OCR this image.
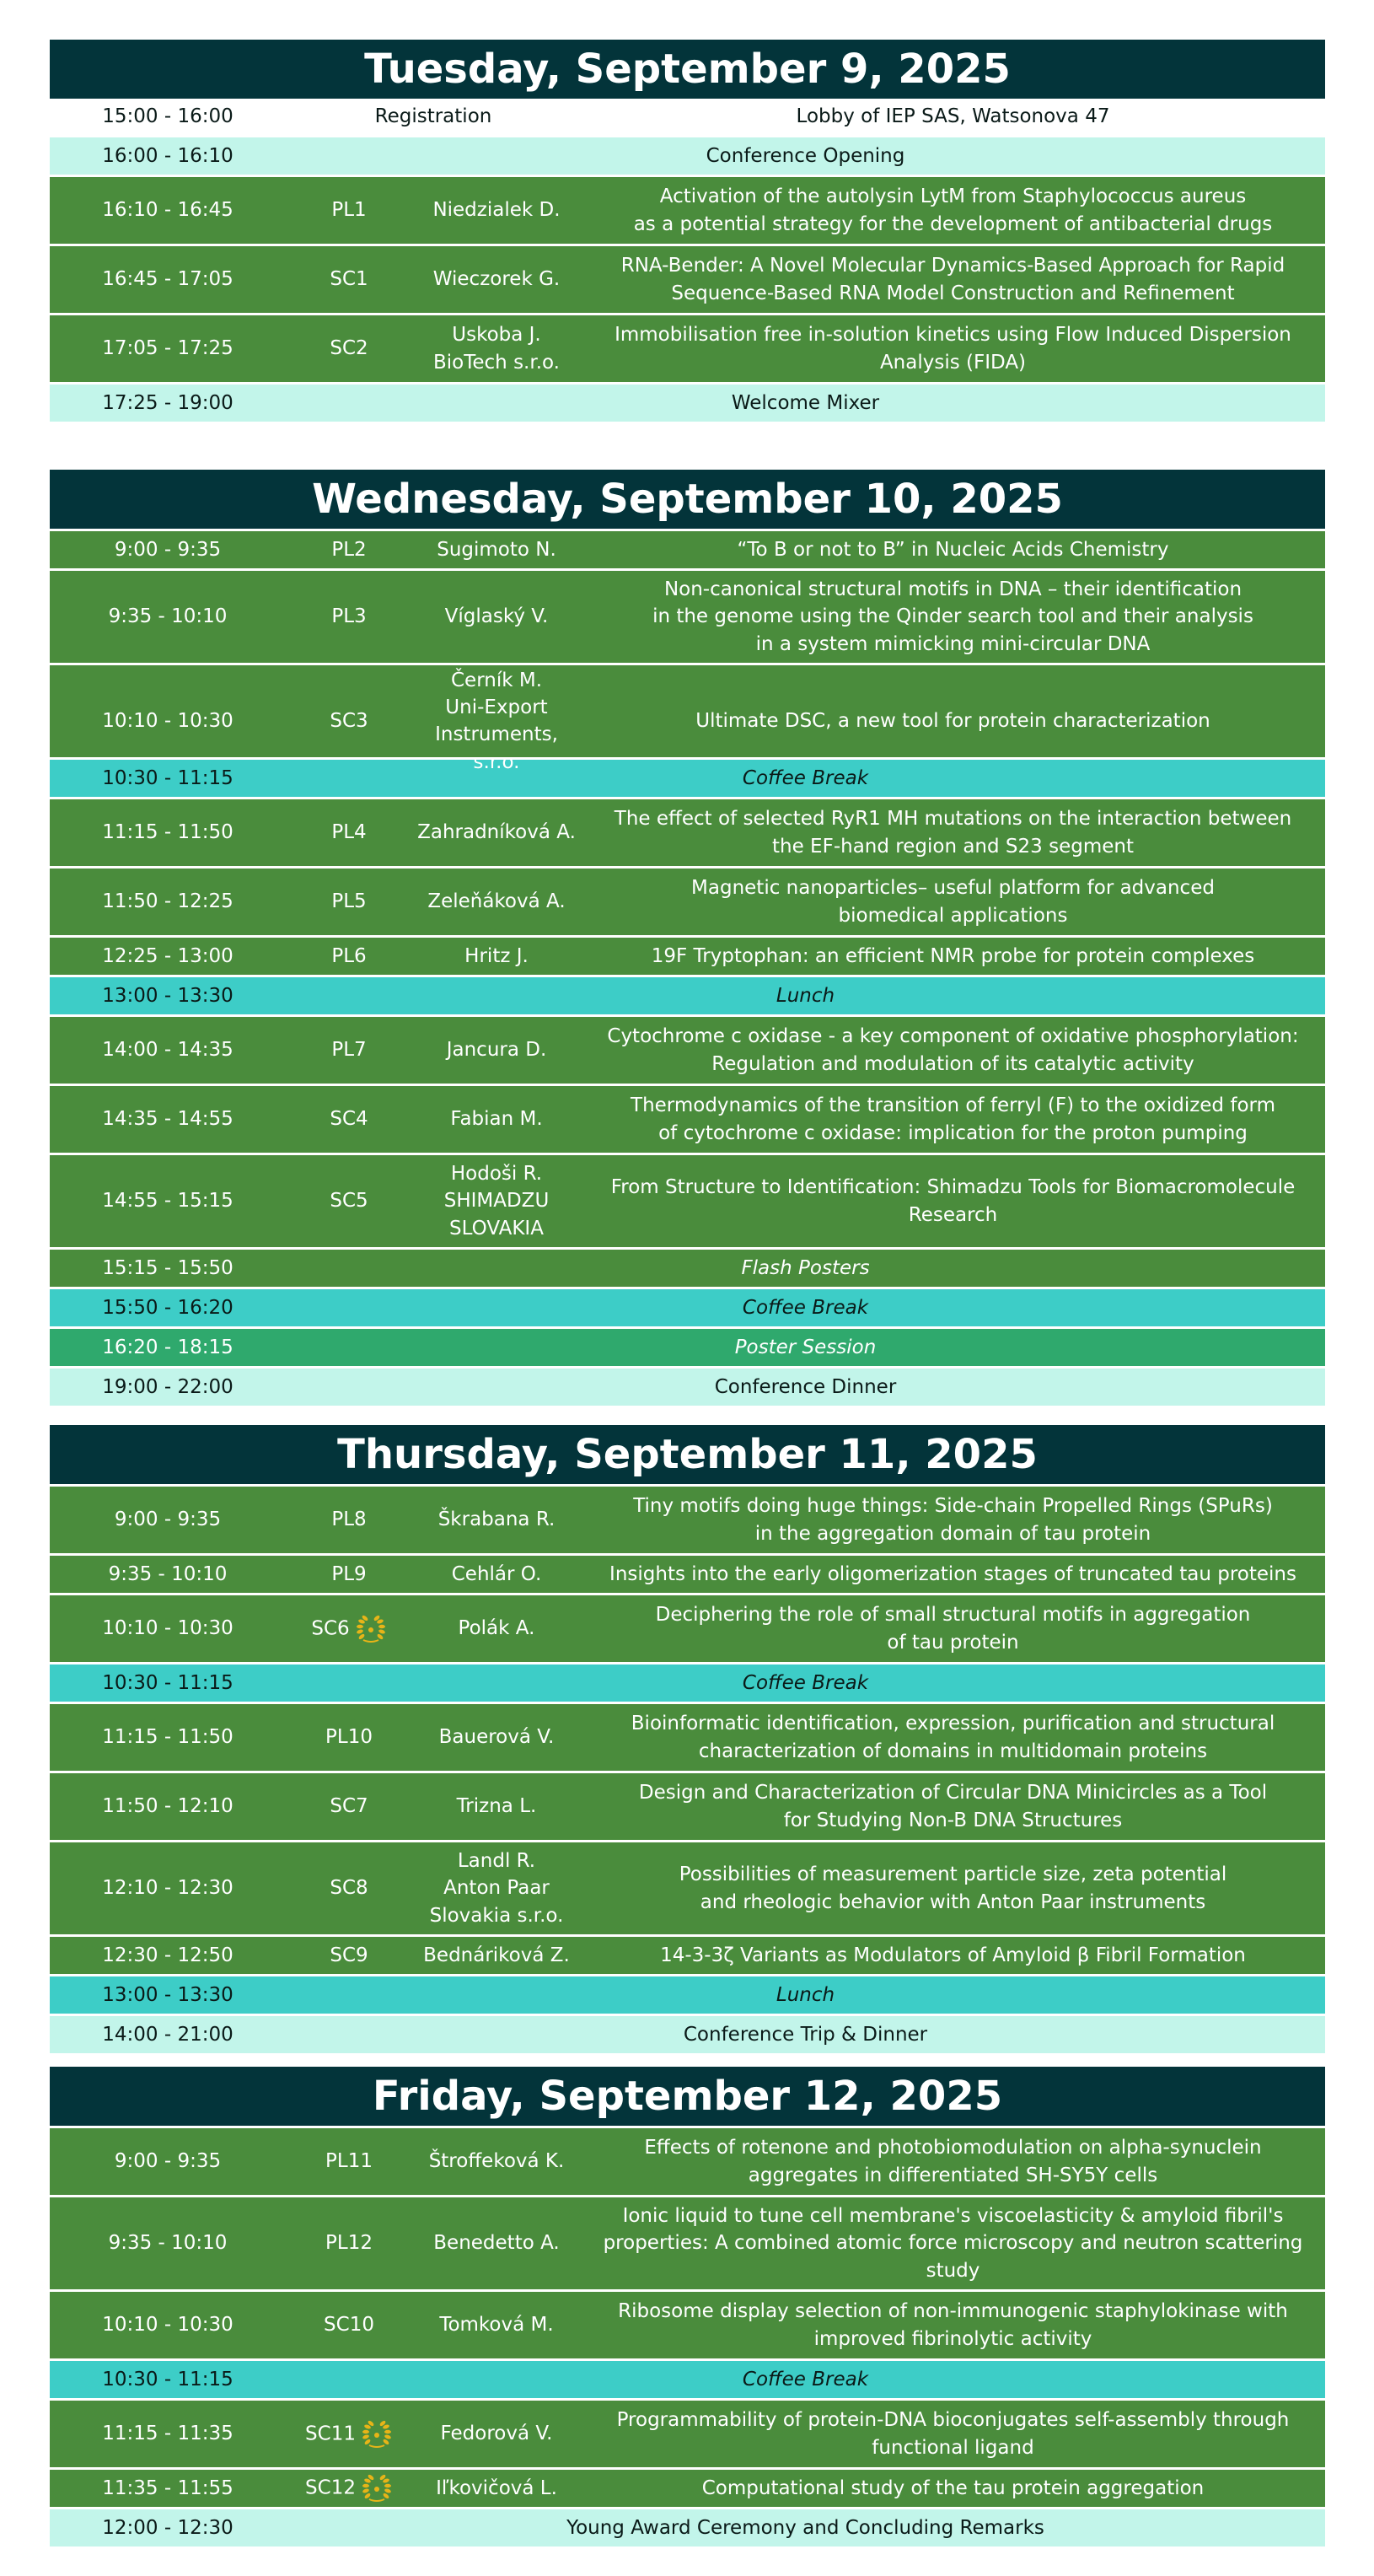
Tuesday, September 9, 2025
15:00 - 16:00	Registration	Lobby of IEP SAS, Watsonova 47
16:00 - 16:10	Conference Opening
16:10 - 16:45	PL1	Niedzialek D.
Activation of the autolysin LytM from Staphylococcus aureus
as a potential strategy for the development of antibacterial drugs
16:45 - 17:05	SC1	Wieczorek G.
RNA-Bender: A Novel Molecular Dynamics-Based Approach for Rapid
Sequence-Based RNA Model Construction and Refinement
17:05 - 17:25	SC2
Uskoba J.
BioTech s.r.o.
Immobilisation free in-solution kinetics using Flow Induced Dispersion
Analysis (FIDA)
17:25 - 19:00	Welcome Mixer
Wednesday, September 10, 2025
9:00 - 9:35	PL2	Sugimoto N.	“To B or not to B” in Nucleic Acids Chemistry
9:35 - 10:10	PL3	Víglaský V.
Non-canonical structural motifs in DNA – their identification
in the genome using the Qinder search tool and their analysis
in a system mimicking mini-circular DNA
10:10 - 10:30	SC3
Černík M.
Uni-Export
Instruments, s.r.o.
Ultimate DSC, a new tool for protein characterization
10:30 - 11:15	Coffee Break
11:15 - 11:50	PL4	Zahradníková A.
The effect of selected RyR1 MH mutations on the interaction between
the EF-hand region and S23 segment
11:50 - 12:25	PL5	Zeleňáková A.
Magnetic nanoparticles– useful platform for advanced
biomedical applications
12:25 - 13:00	PL6	Hritz J.	19F Tryptophan: an efficient NMR probe for protein complexes
13:00 - 13:30	Lunch
14:00 - 14:35	PL7	Jancura D.
Cytochrome c oxidase - a key component of oxidative phosphorylation:
Regulation and modulation of its catalytic activity
14:35 - 14:55	SC4	Fabian M.
Thermodynamics of the transition of ferryl (F) to the oxidized form
of cytochrome c oxidase: implication for the proton pumping
14:55 - 15:15	SC5
Hodoši R.
SHIMADZU
SLOVAKIA
From Structure to Identification: Shimadzu Tools for Biomacromolecule
Research
15:15 - 15:50	Flash Posters
15:50 - 16:20	Coffee Break
16:20 - 18:15	Poster Session
19:00 - 22:00	Conference Dinner
Thursday, September 11, 2025
9:00 - 9:35	PL8	Škrabana R.
Tiny motifs doing huge things: Side-chain Propelled Rings (SPuRs)
in the aggregation domain of tau protein
9:35 - 10:10	PL9	Cehlár O.	Insights into the early oligomerization stages of truncated tau proteins
10:10 - 10:30	SC6	Polák A.
Deciphering the role of small structural motifs in aggregation
of tau protein
10:30 - 11:15	Coffee Break
11:15 - 11:50	PL10	Bauerová V.
Bioinformatic identification, expression, purification and structural
characterization of domains in multidomain proteins
11:50 - 12:10	SC7	Trizna L.
Design and Characterization of Circular DNA Minicircles as a Tool
for Studying Non-B DNA Structures
12:10 - 12:30	SC8
Landl R.
Anton Paar
Slovakia s.r.o.
Possibilities of measurement particle size, zeta potential
and rheologic behavior with Anton Paar instruments
12:30 - 12:50	SC9	Bednáriková Z.	14-3-3ζ Variants as Modulators of Amyloid β Fibril Formation
13:00 - 13:30	Lunch
14:00 - 21:00	Conference Trip & Dinner
Friday, September 12, 2025
9:00 - 9:35	PL11	Štroffeková K.
Effects of rotenone and photobiomodulation on alpha-synuclein
aggregates in differentiated SH-SY5Y cells
9:35 - 10:10	PL12	Benedetto A.
Ionic liquid to tune cell membrane's viscoelasticity & amyloid fibril's
properties: A combined atomic force microscopy and neutron scattering
study
10:10 - 10:30	SC10	Tomková M.
Ribosome display selection of non-immunogenic staphylokinase with
improved fibrinolytic activity
10:30 - 11:15	Coffee Break
11:15 - 11:35	SC11	Fedorová V.
Programmability of protein-DNA bioconjugates self-assembly through
functional ligand
11:35 - 11:55	SC12	Iľkovičová L.	Computational study of the tau protein aggregation
12:00 - 12:30	Young Award Ceremony and Concluding Remarks
